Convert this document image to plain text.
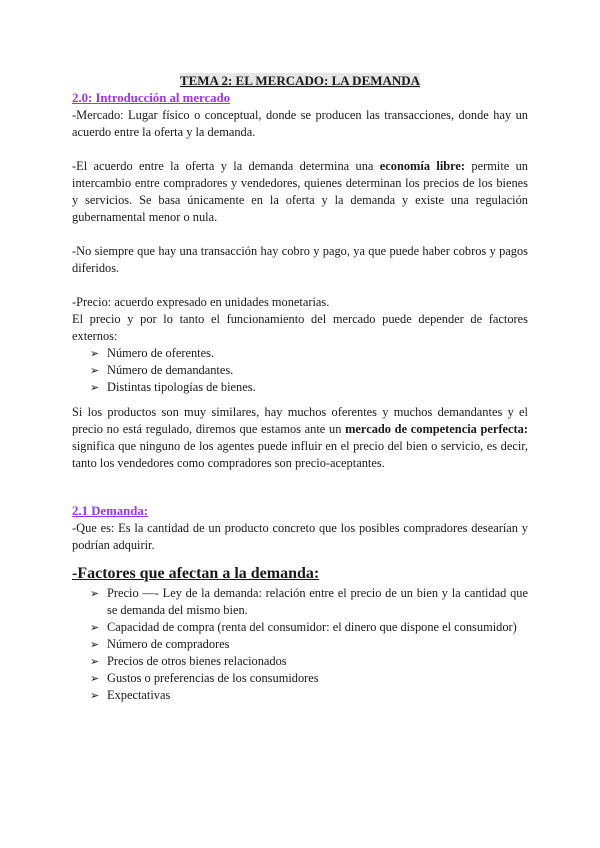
TEMA 2: EL MERCADO: LA DEMANDA
2.0: Introducción al mercado

-Mercado: Lugar físico o conceptual, donde se producen las transacciones, donde hay un acuerdo entre la oferta y la demanda.

-El acuerdo entre la oferta y la demanda determina una economía libre: permite un intercambio entre compradores y vendedores, quienes determinan los precios de los bienes y servicios. Se basa únicamente en la oferta y la demanda y existe una regulación gubernamental menor o nula.

-No siempre que hay una transacción hay cobro y pago, ya que puede haber cobros y pagos diferidos.

-Precio: acuerdo expresado en unidades monetarias.

El precio y por lo tanto el funcionamiento del mercado puede depender de factores externos:

➢ Número de oferentes.
➢ Número de demandantes.
➢ Distintas tipologías de bienes.

Si los productos son muy similares, hay muchos oferentes y muchos demandantes y el precio no está regulado, diremos que estamos ante un mercado de competencia perfecta: significa que ninguno de los agentes puede influir en el precio del bien o servicio, es decir, tanto los vendedores como compradores son precio-aceptantes.

2.1 Demanda:

-Que es: Es la cantidad de un producto concreto que los posibles compradores desearían y podrían adquirir.

-Factores que afectan a la demanda:
➢ Precio —- Ley de la demanda: relación entre el precio de un bien y la cantidad que se demanda del mismo bien.
➢ Capacidad de compra (renta del consumidor: el dinero que dispone el consumidor)
➢ Número de compradores
➢ Precios de otros bienes relacionados
➢ Gustos o preferencias de los consumidores
➢ Expectativas
